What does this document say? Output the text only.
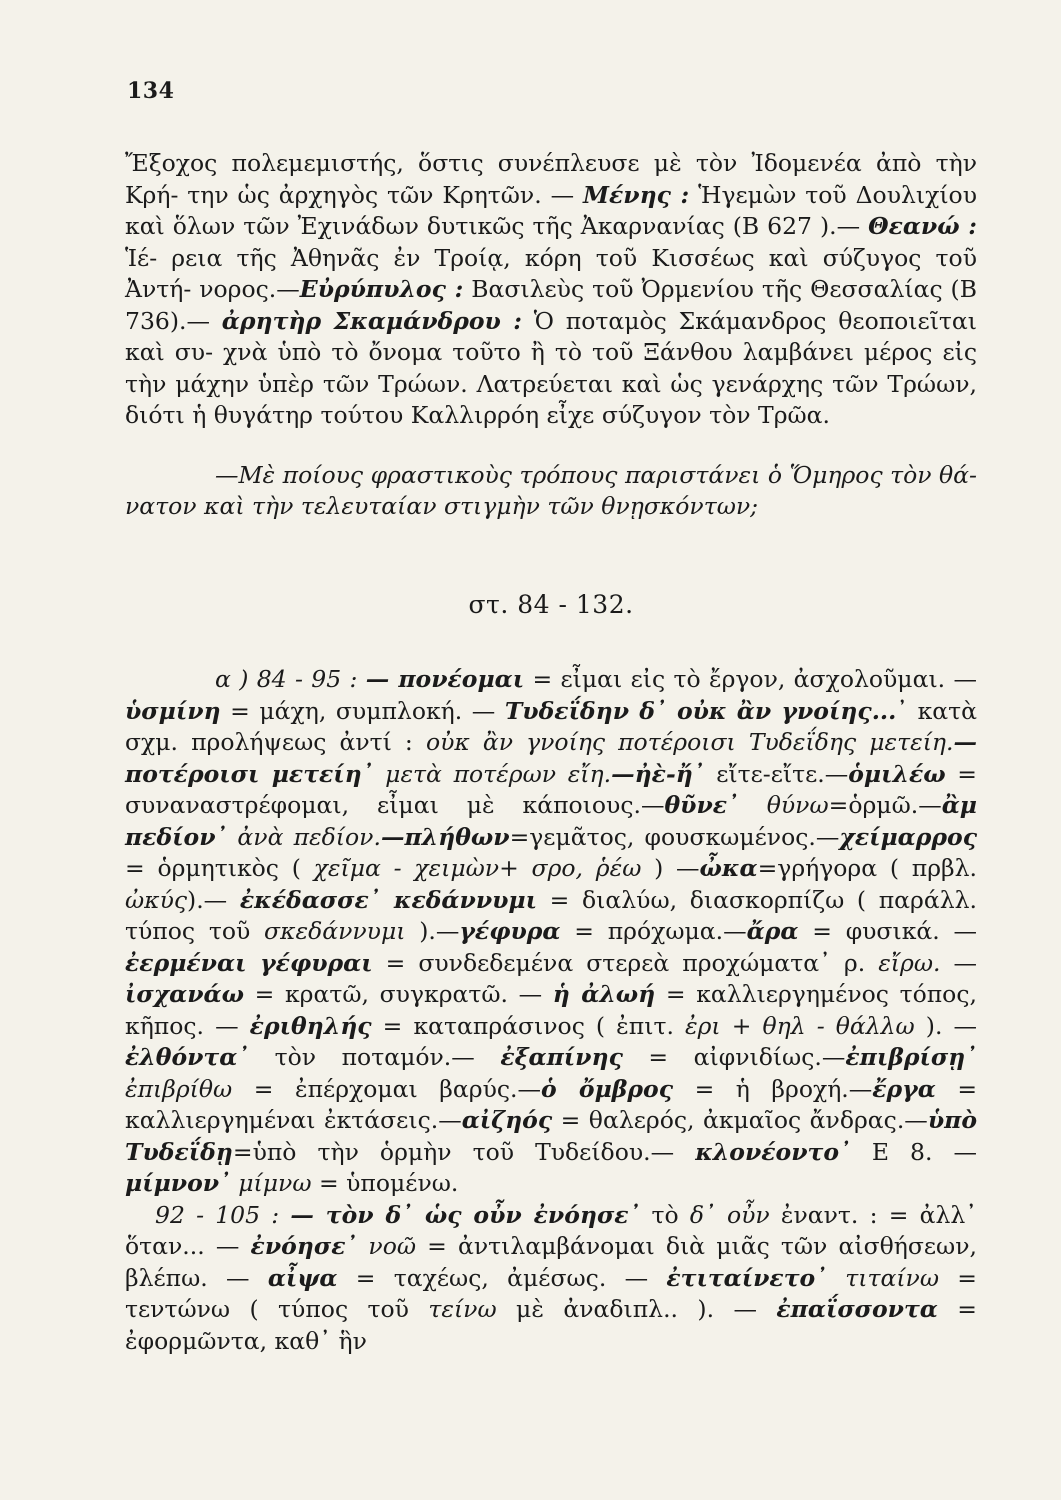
134

Ἔξοχος πολεμεμιστής, ὅστις συνέπλευσε μὲ τὸν Ἰδομενέα ἀπὸ τὴν Κρή- την ὡς ἀρχηγὸς τῶν Κρητῶν. — Μένης : Ἡγεμὼν τοῦ Δουλιχίου καὶ ὅλων τῶν Ἐχινάδων δυτικῶς τῆς Ἀκαρνανίας (Β 627 ).— Θεανώ : Ἱέ- ρεια τῆς Ἀθηνᾶς ἐν Τροίᾳ, κόρη τοῦ Κισσέως καὶ σύζυγος τοῦ Ἀντή- νορος.—Εὐρύπυλος : Βασιλεὺς τοῦ Ὀρμενίου τῆς Θεσσαλίας (Β 736).— ἀρητὴρ Σκαμάνδρου : Ὁ ποταμὸς Σκάμανδρος θεοποιεῖται καὶ συ- χνὰ ὑπὸ τὸ ὄνομα τοῦτο ἢ τὸ τοῦ Ξάνθου λαμβάνει μέρος εἰς τὴν μάχην ὑπὲρ τῶν Τρώων. Λατρεύεται καὶ ὡς γενάρχης τῶν Τρώων, διότι ἡ θυγάτηρ τούτου Καλλιρρόη εἶχε σύζυγον τὸν Τρῶα.

—Μὲ ποίους φραστικοὺς τρόπους παριστάνει ὁ Ὅμηρος τὸν θά- νατον καὶ τὴν τελευταίαν στιγμὴν τῶν θνῃσκόντων;

στ. 84 - 132.

α ) 84 - 95 : — πονέομαι = εἶμαι εἰς τὸ ἔργον, ἀσχολοῦμαι. — ὑσμίνη = μάχη, συμπλοκή. — Τυδεΐδην δ᾽ οὐκ ἂν γνοίης...᾽ κατὰ σχμ. προλήψεως ἀντί : οὐκ ἂν γνοίης ποτέροισι Τυδεΐδης μετείη.— ποτέροισι μετείη᾽ μετὰ ποτέρων εἴη.—ἠὲ-ἤ᾽ εἴτε-εἴτε.—ὁμιλέω = συναναστρέφομαι, εἶμαι μὲ κάποιους.—θῦνε᾽ θύνω=ὁρμῶ.—ἂμ πεδίον᾽ ἀνὰ πεδίον.—πλήθων=γεμᾶτος, φουσκωμένος.—χείμαρρος = ὁρμητικὸς ( χεῖμα - χειμὼν+ σρο, ῥέω ) —ὦκα=γρήγορα ( πρβλ. ὠκύς).— ἐκέδασσε᾽ κεδάννυμι = διαλύω, διασκορπίζω ( παράλλ. τύπος τοῦ σκεδάννυμι ).—γέφυρα = πρόχωμα.—ἄρα = φυσικά. — ἐερμέναι γέφυραι = συνδεδεμένα στερεὰ προχώματα᾽ ρ. εἴρω. — ἰσχανάω = κρατῶ, συγκρατῶ. — ἡ ἀλωή = καλλιεργημένος τόπος, κῆπος. — ἐριθηλής = καταπράσινος ( ἐπιτ. ἐρι + θηλ - θάλλω ). — ἐλθόντα᾽ τὸν ποταμόν.— ἐξαπίνης = αἰφνιδίως.—ἐπιβρίσῃ᾽ ἐπιβρίθω = ἐπέρχομαι βαρύς.—ὁ ὄμβρος = ἡ βροχή.—ἔργα = καλλιεργημέναι ἐκτάσεις.—αἰζηός = θαλερός, ἀκμαῖος ἄνδρας.—ὑπὸ Τυδεΐδῃ=ὑπὸ τὴν ὁρμὴν τοῦ Τυδείδου.— κλονέοντο᾽ Ε 8. — μίμνον᾽ μίμνω = ὑπομένω.

92 - 105 : — τὸν δ᾽ ὡς οὖν ἐνόησε᾽ τὸ δ᾽ οὖν ἐναντ. : = ἀλλ᾽ ὅταν... — ἐνόησε᾽ νοῶ = ἀντιλαμβάνομαι διὰ μιᾶς τῶν αἰσθήσεων, βλέπω. — αἶψα = ταχέως, ἀμέσως. — ἐτιταίνετο᾽ τιταίνω = τεντώνω ( τύπος τοῦ τείνω μὲ ἀναδιπλ.. ). — ἐπαΐσσοντα = ἐφορμῶντα, καθ᾽ ἣν
